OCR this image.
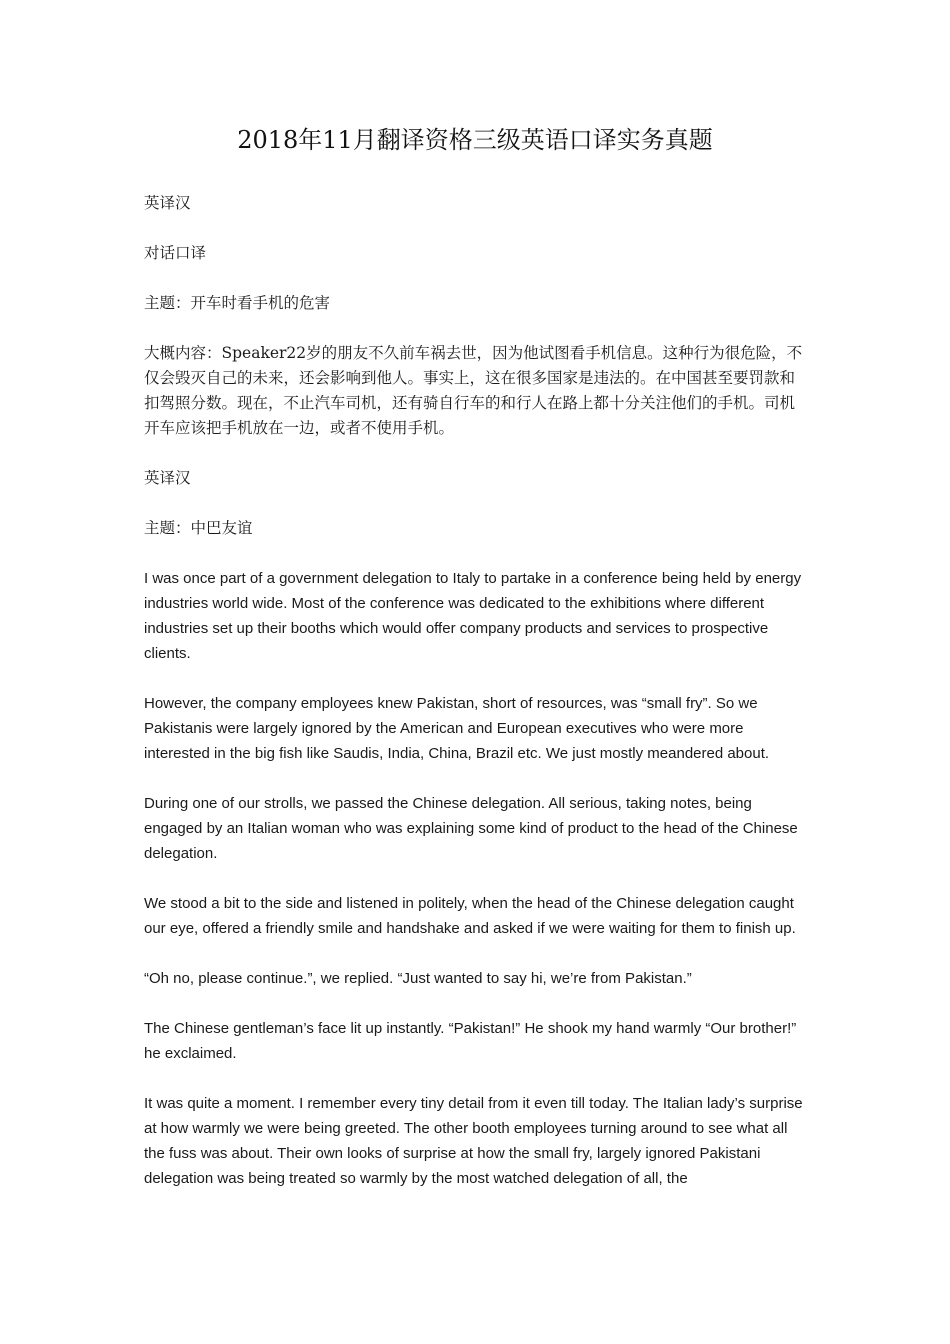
2018年11月翻译资格三级英语口译实务真题

英译汉

对话口译

主题：开车时看手机的危害

大概内容：Speaker22岁的朋友不久前车祸去世，因为他试图看手机信息。这种行为很危险，不仅会毁灭自己的未来，还会影响到他人。事实上，这在很多国家是违法的。在中国甚至要罚款和扣驾照分数。现在，不止汽车司机，还有骑自行车的和行人在路上都十分关注他们的手机。司机开车应该把手机放在一边，或者不使用手机。

英译汉

主题：中巴友谊

I was once part of a government delegation to Italy to partake in a conference being held by energy industries world wide. Most of the conference was dedicated to the exhibitions where different industries set up their booths which would offer company products and services to prospective clients.

However, the company employees knew Pakistan, short of resources, was “small fry”. So we Pakistanis were largely ignored by the American and European executives who were more interested in the big fish like Saudis, India, China, Brazil etc. We just mostly meandered about.

During one of our strolls, we passed the Chinese delegation. All serious, taking notes, being engaged by an Italian woman who was explaining some kind of product to the head of the Chinese delegation.

We stood a bit to the side and listened in politely, when the head of the Chinese delegation caught our eye, offered a friendly smile and handshake and asked if we were waiting for them to finish up.

“Oh no, please continue.”, we replied. “Just wanted to say hi, we’re from Pakistan.”

The Chinese gentleman’s face lit up instantly. “Pakistan!” He shook my hand warmly “Our brother!” he exclaimed.

It was quite a moment. I remember every tiny detail from it even till today. The Italian lady’s surprise at how warmly we were being greeted. The other booth employees turning around to see what all the fuss was about. Their own looks of surprise at how the small fry, largely ignored Pakistani delegation was being treated so warmly by the most watched delegation of all, the
